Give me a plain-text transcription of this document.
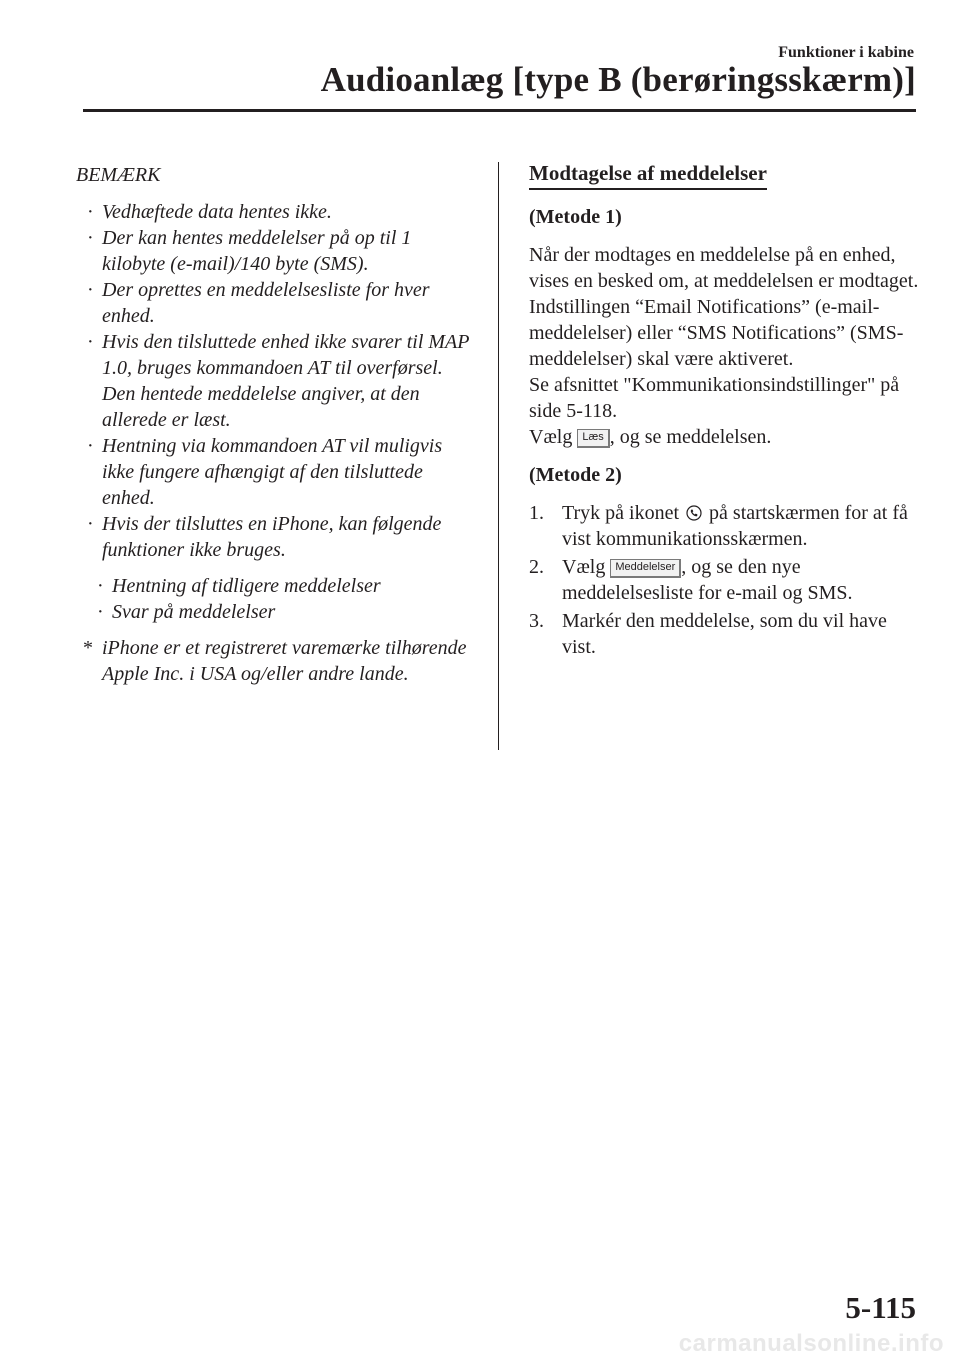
Funktioner i kabine
Audioanlæg [type B (berøringsskærm)]

BEMÆRK

· Vedhæftede data hentes ikke.

· Der kan hentes meddelelser på op til 1 kilobyte (e-mail)/140 byte (SMS).

· Der oprettes en meddelelsesliste for hver enhed.

· Hvis den tilsluttede enhed ikke svarer til MAP 1.0, bruges kommandoen AT til overførsel. Den hentede meddelelse angiver, at den allerede er læst.

· Hentning via kommandoen AT vil muligvis ikke fungere afhængigt af den tilsluttede enhed.

· Hvis der tilsluttes en iPhone, kan følgende funktioner ikke bruges.

· Hentning af tidligere meddelelser

· Svar på meddelelser

* iPhone er et registreret varemærke tilhørende Apple Inc. i USA og/eller andre lande.

Modtagelse af meddelelser

(Metode 1)

Når der modtages en meddelelse på en enhed, vises en besked om, at meddelelsen er modtaget. Indstillingen “Email Notifications” (e-mail-meddelelser) eller “SMS Notifications” (SMS-meddelelser) skal være aktiveret.

Se afsnittet "Kommunikationsindstillinger" på side 5-118.

Vælg Læs , og se meddelelsen.

(Metode 2)

1. Tryk på ikonet på startskærmen for at få vist kommunikationsskærmen.
2. Vælg Meddelelser , og se den nye meddelelsesliste for e-mail og SMS.
3. Markér den meddelelse, som du vil have vist.
5-115
carmanualsonline.info
